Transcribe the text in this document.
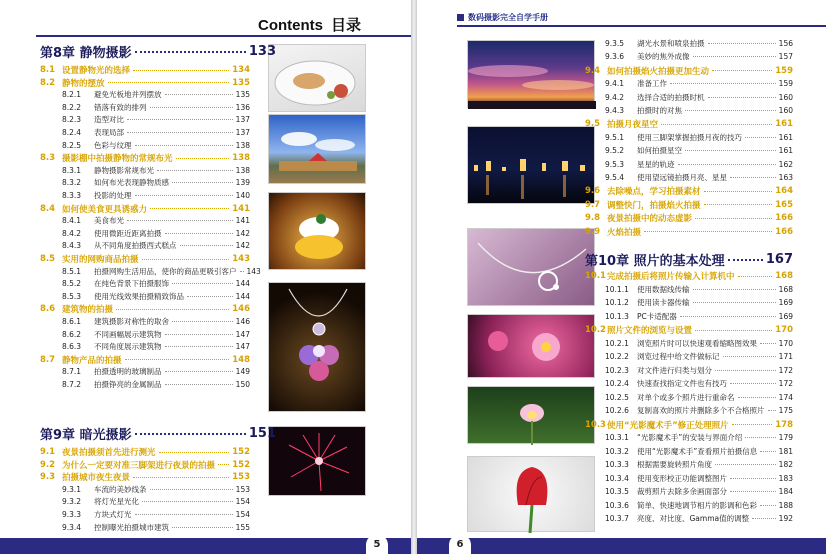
Contents 目录
5
第8章 静物摄影	133
8.1 设置静物光的选择	134
8.2 静物的摆放	135
8.2.1	避免光板地并列摆放	135
8.2.2	错落有致的排列	136
8.2.3	造型对比	137
8.2.4	表现局部	137
8.2.5	色彩与纹理	138
8.3 摄影棚中拍摄静物的常规布光	138
8.3.1	静物摄影常规布光	138
8.3.2	如何布光表现静物质感	139
8.3.3	投影的处理	140
8.4 如何使美食更具诱惑力	141
8.4.1	美食布光	141
8.4.2	使用微距近距离拍摄	142
8.4.3	从不同角度拍摄西式糕点	142
8.5 实用的网购商品拍摄	143
8.5.1	拍摄网购生活用品，使你的商品更吸引客户 143
8.5.2	在纯色背景下拍摄服饰	144
8.5.3	使用光线效果拍摄精致饰品	144
8.6 建筑物的拍摄	146
8.6.1	建筑摄影对称性的取舍	146
8.6.2	不同画幅展示建筑物	147
8.6.3	不同角度展示建筑物	147
8.7 静物产品的拍摄	148
8.7.1	拍摄透明的玻璃制品	149
8.7.2	拍摄铮亮的金属制品	150
第9章 暗光摄影	151
9.1 夜景拍摄须首先进行测光	152
9.2 为什么一定要对准三脚架进行夜景的拍摄 152
9.3 拍摄城市夜生夜景	153
9.3.1	车流的美妙线条	153
9.3.2	将灯光星光化	154
9.3.3	方块式灯光	154
9.3.4	控制曝光拍摄城市建筑	155
数码摄影完全自学手册
6
9.3.5	湖光水景和喷泉拍摄	156
9.3.6	美妙的焦外成像	157
9.4 如何拍摄焰火拍摄更加生动	159
9.4.1	准备工作	159
9.4.2	选择合适的拍摄时机	160
9.4.3	拍摄时的对焦	160
9.5 拍摄月夜星空	161
9.5.1	使用三脚架掌握拍摄月夜的技巧	161
9.5.2	如何拍摄星空	161
9.5.3	星星的轨迹	162
9.5.4	使用望远镜拍摄月亮、星星	163
9.6 去除噪点，学习拍摄素材	164
9.7 调整快门，拍摄焰火拍摄	165
9.8 夜景拍摄中的动态虚影	166
9.9 火焰拍摄	166
第10章 照片的基本处理	167
10.1 完成拍摄后将照片传输入计算机中	168
10.1.1	使用数据线传输	168
10.1.2	使用读卡器传输	169
10.1.3	PC卡适配器	169
10.2 照片文件的浏览与设置	170
10.2.1	浏览照片时可以快速观看缩略图效果	170
10.2.2	浏览过程中给文件做标记	171
10.2.3	对文件进行归类与划分	172
10.2.4	快速查找指定文件也有技巧	172
10.2.5	对单个或多个照片进行重命名	174
10.2.6	复制喜欢的照片并删除多个不合格照片 175
10.3 使用“光影魔术手”修正处理照片	178
10.3.1	“光影魔术手”的安装与界面介绍	179
10.3.2	使用“光影魔术手”查看照片拍摄信息	181
10.3.3	根据需要旋转照片角度	182
10.3.4	使用变形校正功能调整图片	183
10.3.5	裁剪照片去除多余画面部分	184
10.3.6	简单、快速地调节相片的影调和色彩	188
10.3.7	亮度、对比度、Gamma值的调整	192
